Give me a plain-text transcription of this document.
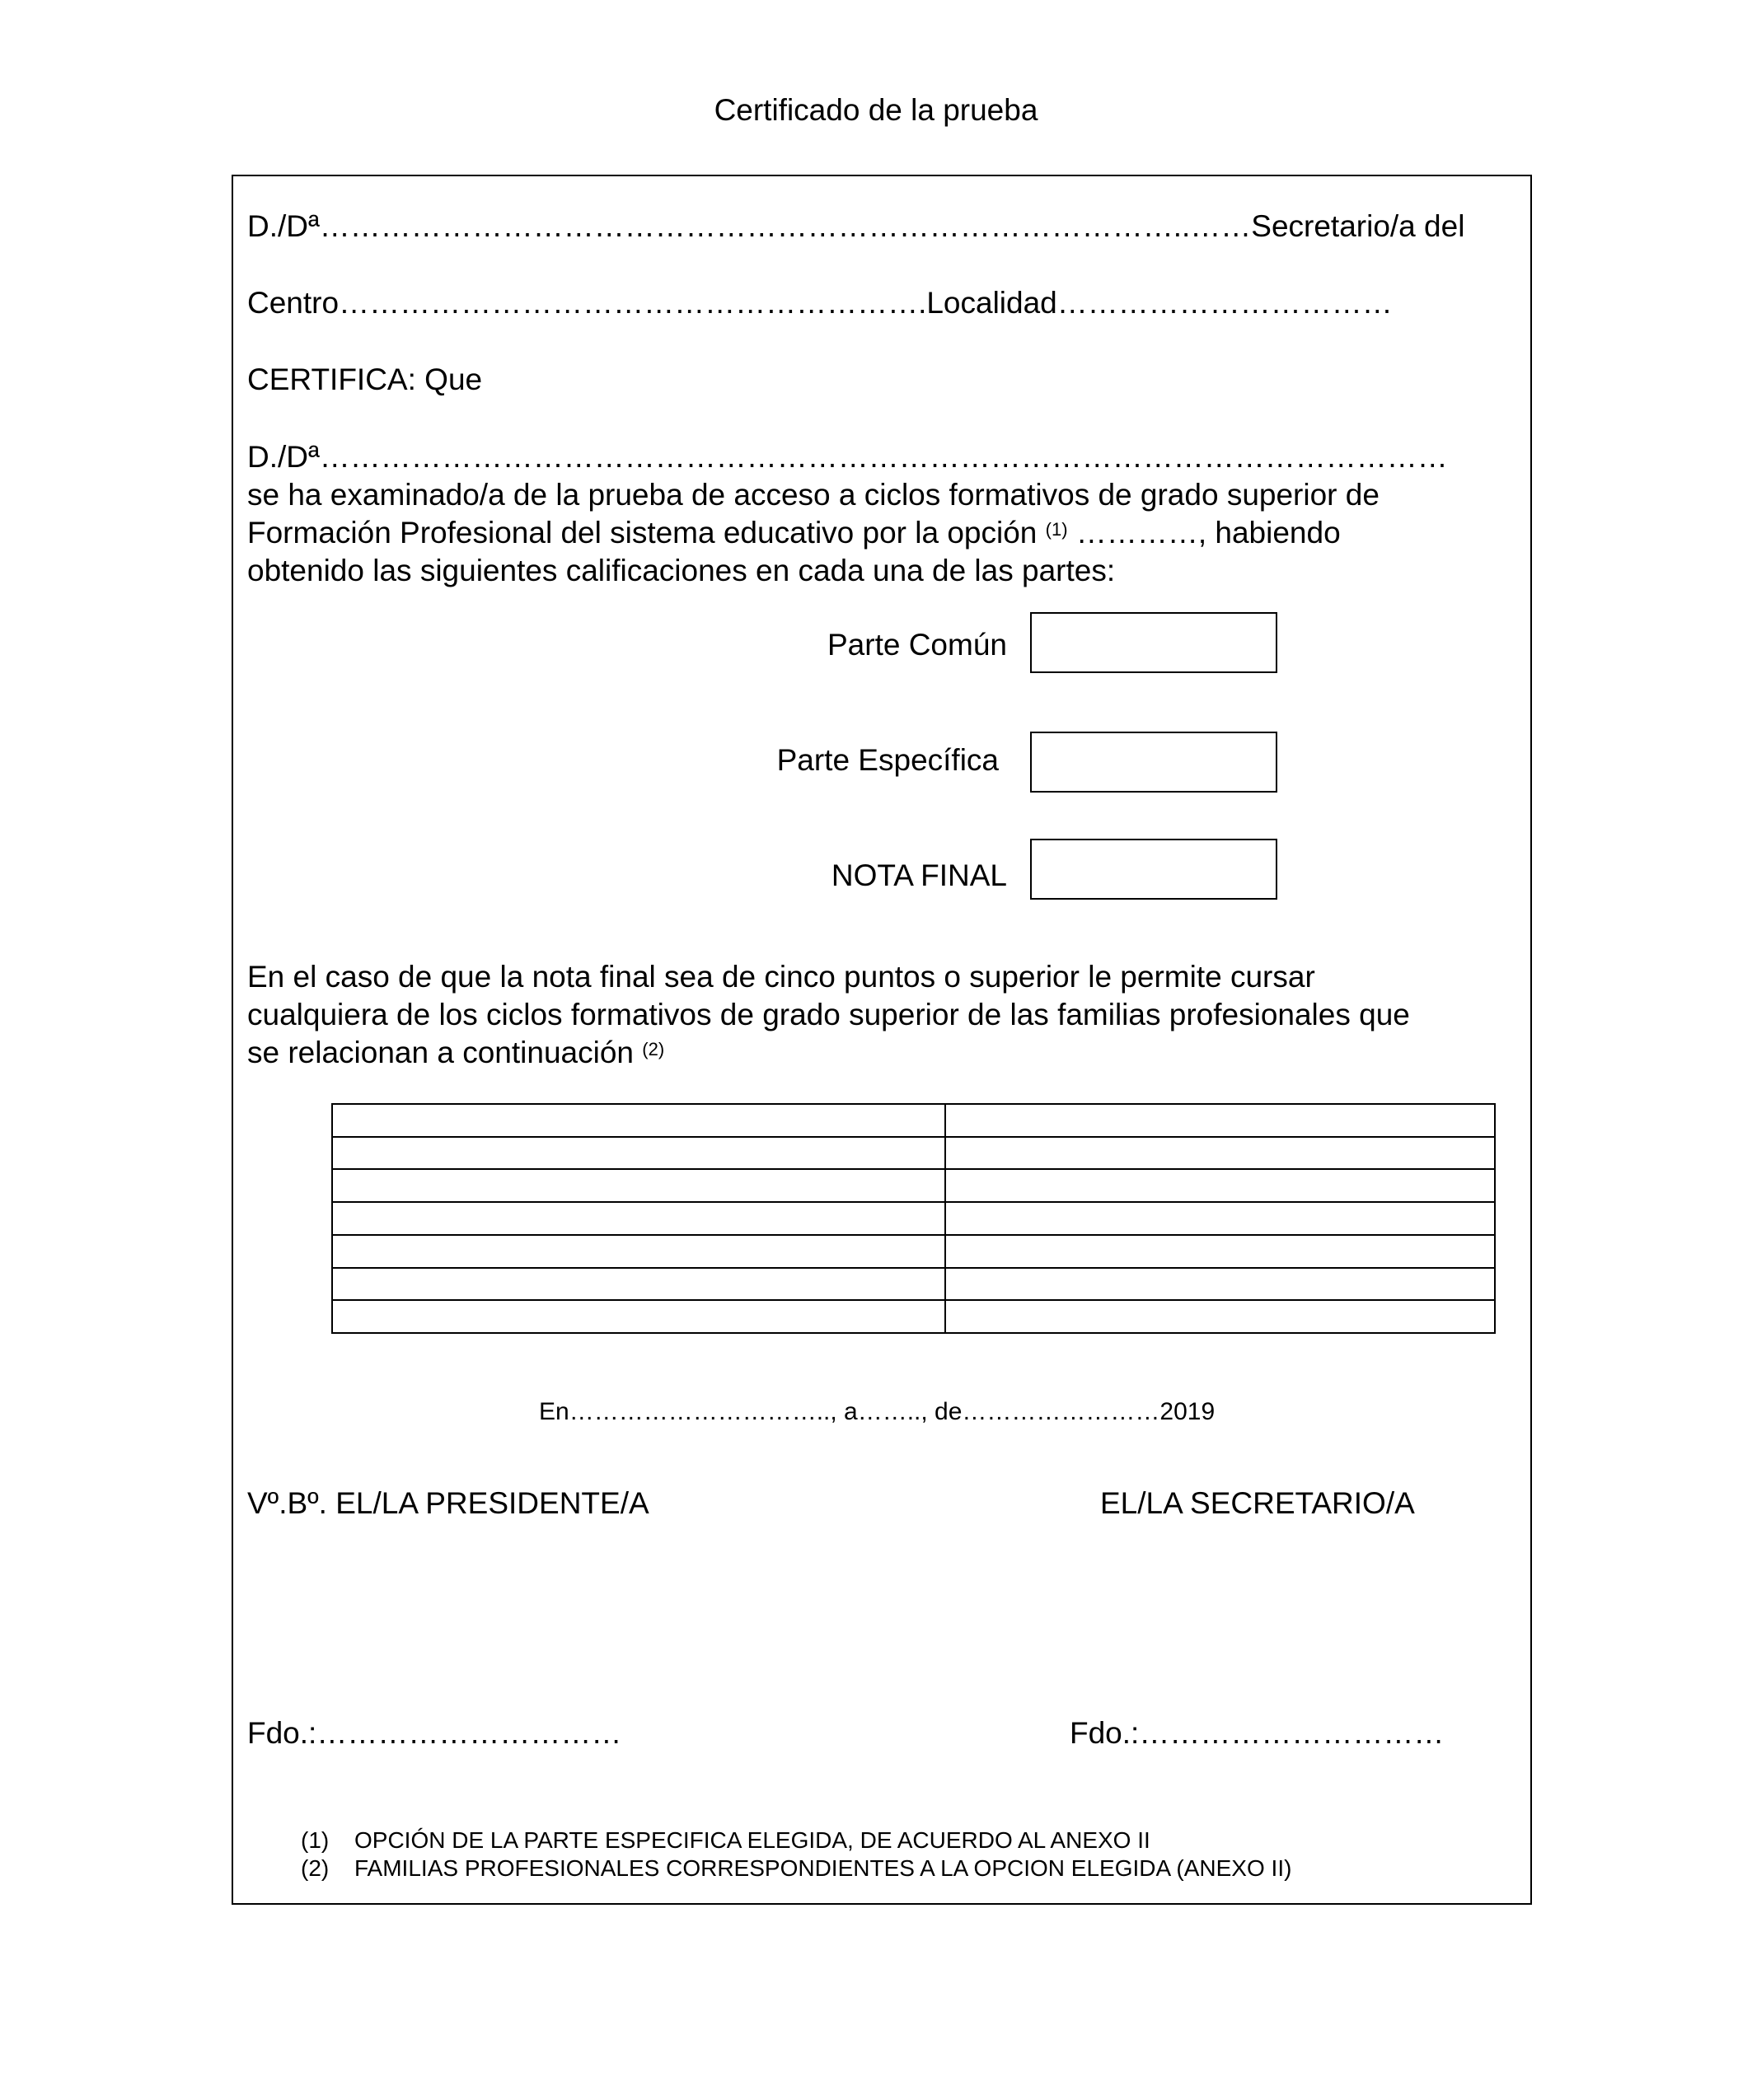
Certificado de la prueba
D./Dª…………………………………………………………………………..……Secretario/a del
Centro………………………………………………….Localidad……………………………
CERTIFICA: Que
D./Dª…………………………………………………………………………………………………
se ha examinado/a de la prueba de acceso a ciclos formativos de grado superior de
Formación Profesional del sistema educativo por la opción $^{(1)}$ …………, habiendo
obtenido las siguientes calificaciones en cada una de las partes:
Parte Común
Parte Específica
NOTA FINAL
En el caso de que la nota final sea de cinco puntos o superior le permite cursar
cualquiera de los ciclos formativos de grado superior de las familias profesionales que
se relacionan a continuación $^{(2)}$

En………………………….., a…….., de……………………2019
Vº.Bº. EL/LA PRESIDENTE/A	EL/LA SECRETARIO/A
Fdo.:…………………………	Fdo.:…………………………
(1) OPCIÓN DE LA PARTE ESPECIFICA ELEGIDA, DE ACUERDO AL ANEXO II
(2) FAMILIAS PROFESIONALES CORRESPONDIENTES A LA OPCION ELEGIDA (ANEXO II)
